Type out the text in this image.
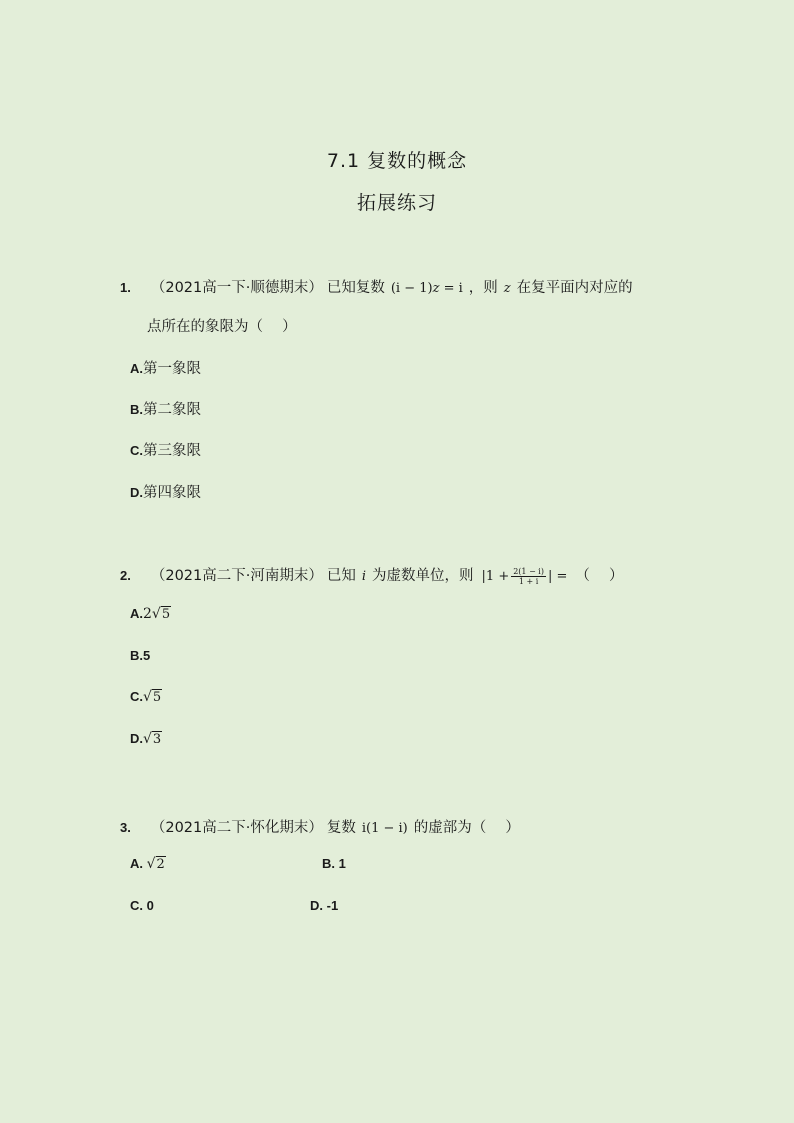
7.1 复数的概念
拓展练习
1. （2021高一下·顺德期末） 已知复数 (i − 1)z = i ，则 z 在复平面内对应的
点所在的象限为（　 ）
A.第一象限
B.第二象限
C.第三象限
D.第四象限
2. （2021高二下·河南期末） 已知 i 为虚数单位，则 $|1 + \frac{2(1 - i)}{1 + i}$ | = （　 ）
A.2√5
B.5
C.√5
D.√3
3. （2021高二下·怀化期末） 复数 i(1 − i) 的虚部为（　 ）
A. √2	B. 1
C. 0	D. -1
